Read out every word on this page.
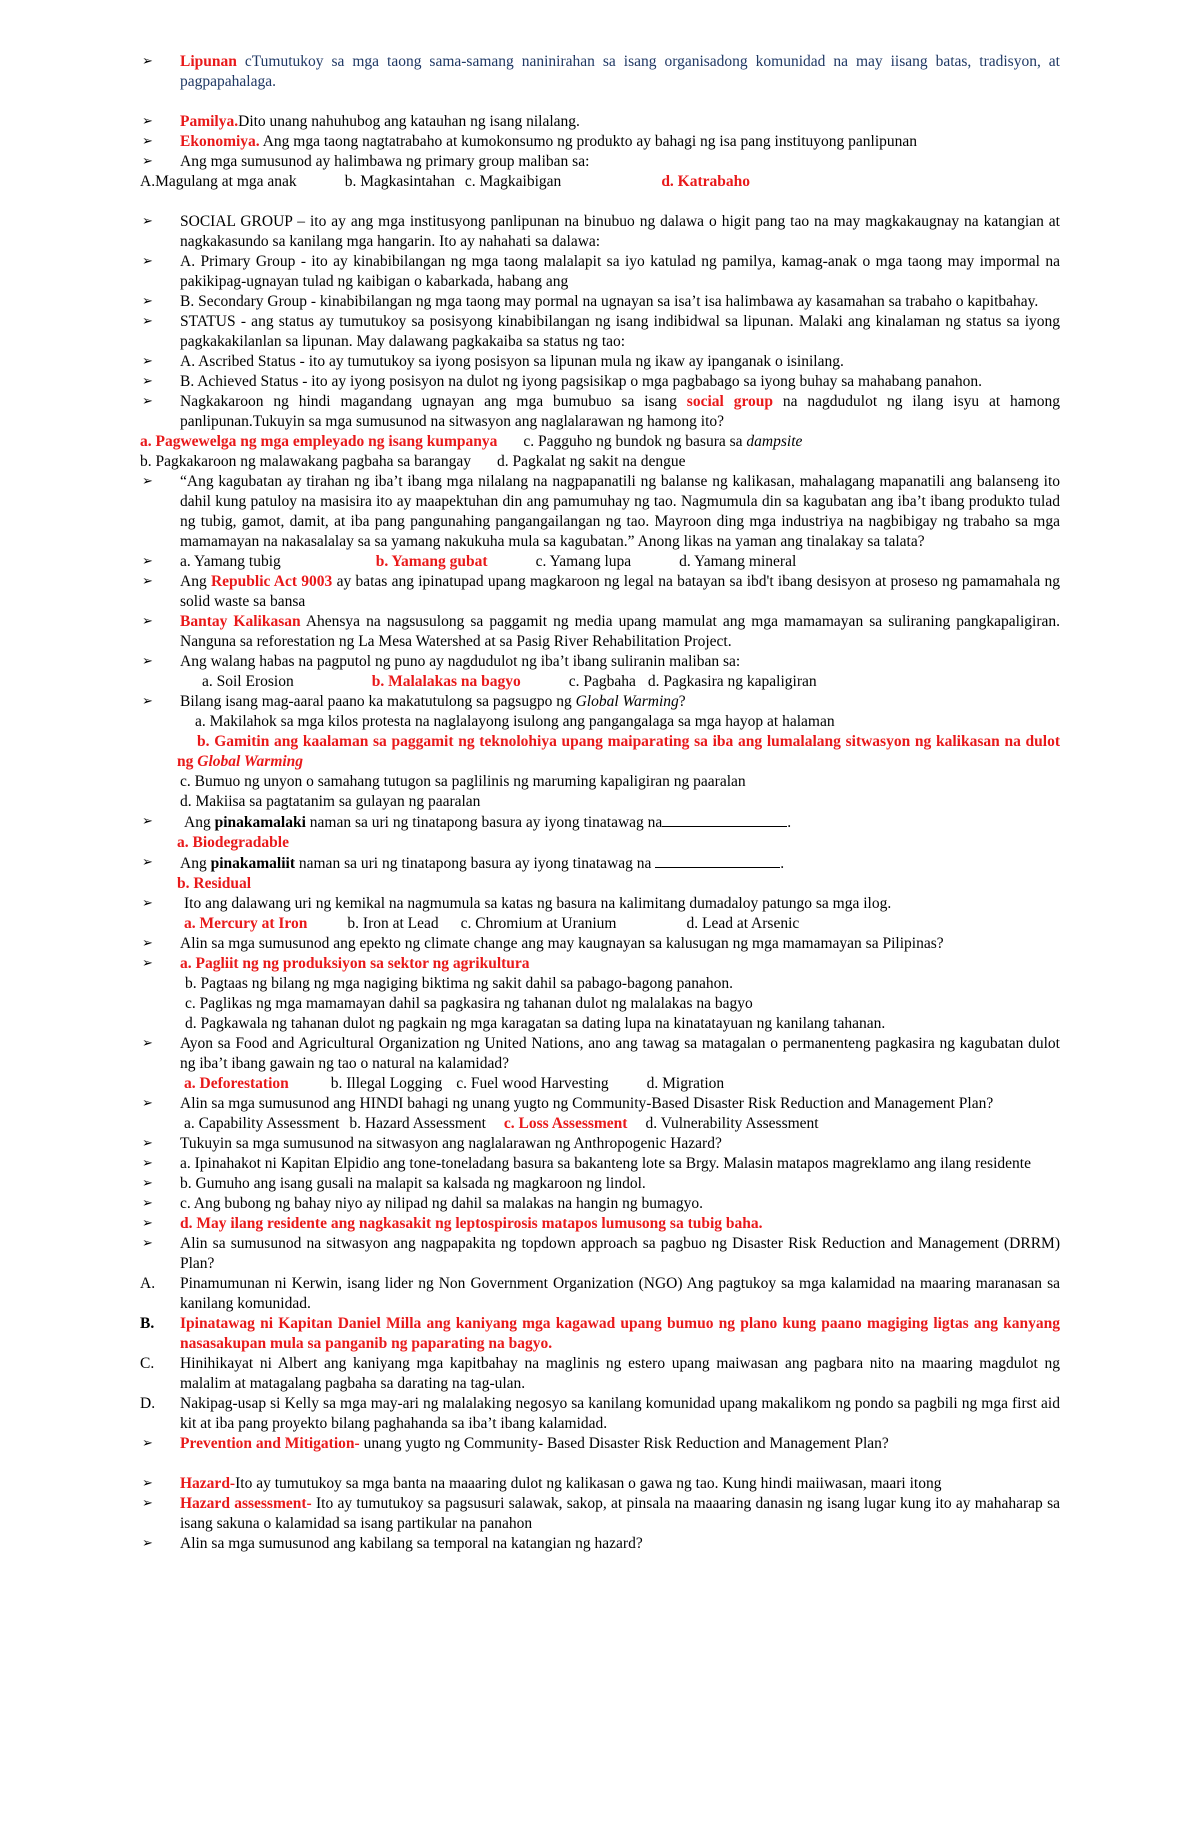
➢ Lipunan cTumutukoy sa mga taong sama-samang naninirahan sa isang organisadong komunidad na may iisang batas, tradisyon, at pagpapahalaga.
➢ Pamilya.Dito unang nahuhubog ang katauhan ng isang nilalang.
➢ Ekonomiya. Ang mga taong nagtatrabaho at kumokonsumo ng produkto ay bahagi ng isa pang instituyong panlipunan
➢ Ang mga sumusunod ay halimbawa ng primary group maliban sa:
A.Magulang at mga anak	b. Magkasintahan c. Magkaibigan	d. Katrabaho
➢ SOCIAL GROUP – ito ay ang mga institusyong panlipunan na binubuo ng dalawa o higit pang tao na may magkakaugnay na katangian at nagkakasundo sa kanilang mga hangarin. Ito ay nahahati sa dalawa:
➢ A. Primary Group - ito ay kinabibilangan ng mga taong malalapit sa iyo katulad ng pamilya, kamag-anak o mga taong may impormal na pakikipag-ugnayan tulad ng kaibigan o kabarkada, habang ang
➢ B. Secondary Group - kinabibilangan ng mga taong may pormal na ugnayan sa isa’t isa halimbawa ay kasamahan sa trabaho o kapitbahay.
➢ STATUS - ang status ay tumutukoy sa posisyong kinabibilangan ng isang indibidwal sa lipunan. Malaki ang kinalaman ng status sa iyong pagkakakilanlan sa lipunan. May dalawang pagkakaiba sa status ng tao:
➢ A. Ascribed Status - ito ay tumutukoy sa iyong posisyon sa lipunan mula ng ikaw ay ipanganak o isinilang.
➢ B. Achieved Status - ito ay iyong posisyon na dulot ng iyong pagsisikap o mga pagbabago sa iyong buhay sa mahabang panahon.
➢ Nagkakaroon ng hindi magandang ugnayan ang mga bumubuo sa isang social group na nagdudulot ng ilang isyu at hamong panlipunan.Tukuyin sa mga sumusunod na sitwasyon ang naglalarawan ng hamong ito?
a. Pagwewelga ng mga empleyado ng isang kumpanya c. Pagguho ng bundok ng basura sa dampsite
b. Pagkakaroon ng malawakang pagbaha sa barangay d. Pagkalat ng sakit na dengue
➢ “Ang kagubatan ay tirahan ng iba’t ibang mga nilalang na nagpapanatili ng balanse ng kalikasan, mahalagang mapanatili ang balanseng ito dahil kung patuloy na masisira ito ay maapektuhan din ang pamumuhay ng tao. Nagmumula din sa kagubatan ang iba’t ibang produkto tulad ng tubig, gamot, damit, at iba pang pangunahing pangangailangan ng tao. Mayroon ding mga industriya na nagbibigay ng trabaho sa mga mamamayan na nakasalalay sa sa yamang nakukuha mula sa kagubatan.” Anong likas na yaman ang tinalakay sa talata?
➢ a. Yamang tubig	b. Yamang gubat	c. Yamang lupa	d. Yamang mineral
➢ Ang Republic Act 9003 ay batas ang ipinatupad upang magkaroon ng legal na batayan sa ibd't ibang desisyon at proseso ng pamamahala ng solid waste sa bansa
➢ Bantay Kalikasan Ahensya na nagsusulong sa paggamit ng media upang mamulat ang mga mamamayan sa suliraning pangkapaligiran. Nanguna sa reforestation ng La Mesa Watershed at sa Pasig River Rehabilitation Project.
➢ Ang walang habas na pagputol ng puno ay nagdudulot ng iba’t ibang suliranin maliban sa:
a. Soil Erosion	b. Malalakas na bagyo	c. Pagbaha d. Pagkasira ng kapaligiran
➢ Bilang isang mag-aaral paano ka makatutulong sa pagsugpo ng Global Warming?
a. Makilahok sa mga kilos protesta na naglalayong isulong ang pangangalaga sa mga hayop at halaman
b. Gamitin ang kaalaman sa paggamit ng teknolohiya upang maiparating sa iba ang lumalalang sitwasyon ng kalikasan na dulot ng Global Warming
c. Bumuo ng unyon o samahang tutugon sa paglilinis ng maruming kapaligiran ng paaralan
d. Makiisa sa pagtatanim sa gulayan ng paaralan
➢ Ang pinakamalaki naman sa uri ng tinatapong basura ay iyong tinatawag na	.
a. Biodegradable
➢ Ang pinakamaliit naman sa uri ng tinatapong basura ay iyong tinatawag na	.
b. Residual
➢ Ito ang dalawang uri ng kemikal na nagmumula sa katas ng basura na kalimitang dumadaloy patungo sa mga ilog.
a. Mercury at Iron	b. Iron at Lead c. Chromium at Uranium	d. Lead at Arsenic
➢ Alin sa mga sumusunod ang epekto ng climate change ang may kaugnayan sa kalusugan ng mga mamamayan sa Pilipinas?
➢ a. Pagliit ng ng produksiyon sa sektor ng agrikultura
b. Pagtaas ng bilang ng mga nagiging biktima ng sakit dahil sa pabago-bagong panahon.
c. Paglikas ng mga mamamayan dahil sa pagkasira ng tahanan dulot ng malalakas na bagyo
d. Pagkawala ng tahanan dulot ng pagkain ng mga karagatan sa dating lupa na kinatatayuan ng kanilang tahanan.
➢ Ayon sa Food and Agricultural Organization ng United Nations, ano ang tawag sa matagalan o permanenteng pagkasira ng kagubatan dulot ng iba’t ibang gawain ng tao o natural na kalamidad?
a. Deforestation	b. Illegal Logging c. Fuel wood Harvesting d. Migration
➢ Alin sa mga sumusunod ang HINDI bahagi ng unang yugto ng Community-Based Disaster Risk Reduction and Management Plan?
a. Capability Assessment b. Hazard Assessment c. Loss Assessment d. Vulnerability Assessment
➢ Tukuyin sa mga sumusunod na sitwasyon ang naglalarawan ng Anthropogenic Hazard?
➢ a. Ipinahakot ni Kapitan Elpidio ang tone-toneladang basura sa bakanteng lote sa Brgy. Malasin matapos magreklamo ang ilang residente
➢ b. Gumuho ang isang gusali na malapit sa kalsada ng magkaroon ng lindol.
➢ c. Ang bubong ng bahay niyo ay nilipad ng dahil sa malakas na hangin ng bumagyo.
➢ d. May ilang residente ang nagkasakit ng leptospirosis matapos lumusong sa tubig baha.
➢ Alin sa sumusunod na sitwasyon ang nagpapakita ng topdown approach sa pagbuo ng Disaster Risk Reduction and Management (DRRM) Plan?
A. Pinamumunan ni Kerwin, isang lider ng Non Government Organization (NGO) Ang pagtukoy sa mga kalamidad na maaring maranasan sa kanilang komunidad.
B. Ipinatawag ni Kapitan Daniel Milla ang kaniyang mga kagawad upang bumuo ng plano kung paano magiging ligtas ang kanyang nasasakupan mula sa panganib ng paparating na bagyo.
C. Hinihikayat ni Albert ang kaniyang mga kapitbahay na maglinis ng estero upang maiwasan ang pagbara nito na maaring magdulot ng malalim at matagalang pagbaha sa darating na tag-ulan.
D. Nakipag-usap si Kelly sa mga may-ari ng malalaking negosyo sa kanilang komunidad upang makalikom ng pondo sa pagbili ng mga first aid kit at iba pang proyekto bilang paghahanda sa iba’t ibang kalamidad.
➢ Prevention and Mitigation- unang yugto ng Community- Based Disaster Risk Reduction and Management Plan?
➢ Hazard-Ito ay tumutukoy sa mga banta na maaaring dulot ng kalikasan o gawa ng tao. Kung hindi maiiwasan, maari itong
➢ Hazard assessment- Ito ay tumutukoy sa pagsusuri salawak, sakop, at pinsala na maaaring danasin ng isang lugar kung ito ay mahaharap sa isang sakuna o kalamidad sa isang partikular na panahon
➢ Alin sa mga sumusunod ang kabilang sa temporal na katangian ng hazard?
